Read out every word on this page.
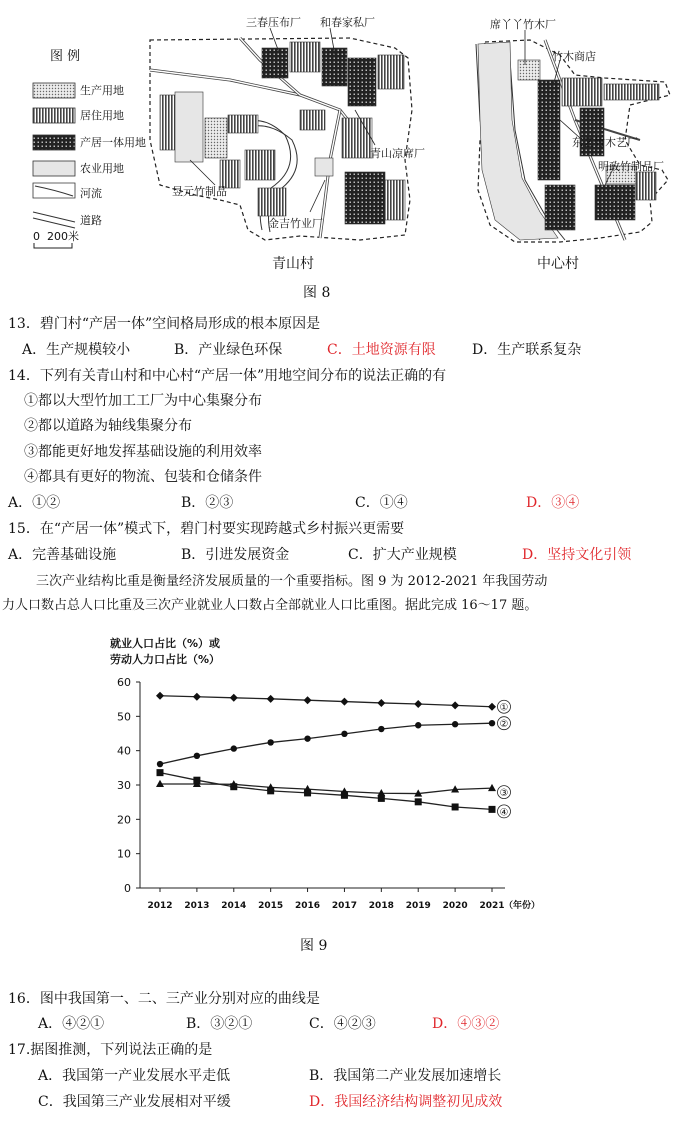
图 例
生产用地
居住用地
产居一体用地
农业用地
河流
道路
0  200米
三春压布厂 和春家私厂
青山凉席厂
昱元竹制品
金吉竹业厂
席丫丫竹木厂
竹木商店
东艺竹木艺厂
明政竹制品厂
青山村	中心村
图 8
13．碧门村“产居一体”空间格局形成的根本原因是
A．生产规模较小	B．产业绿色环保	C．土地资源有限	D．生产联系复杂
14．下列有关青山村和中心村“产居一体”用地空间分布的说法正确的有
①都以大型竹加工工厂为中心集聚分布
②都以道路为轴线集聚分布
③都能更好地发挥基础设施的利用效率
④都具有更好的物流、包装和仓储条件
A．①②	B．②③	C．①④	D．③④
15．在“产居一体”模式下，碧门村要实现跨越式乡村振兴更需要
A．完善基础设施	B．引进发展资金	C．扩大产业规模	D．坚持文化引领
三次产业结构比重是衡量经济发展质量的一个重要指标。图 9 为 2012-2021 年我国劳动
力人口数占总人口比重及三次产业就业人口数占全部就业人口比重图。据此完成 16～17 题。
就业人口占比（%）或
劳动人力口占比（%）
0
10
20
30
40
50
60
2012 2013 2014 2015 2016 2017 2018 2019 2020 2021 （年份）
①
②
③
④
图 9
16．图中我国第一、二、三产业分别对应的曲线是
A．④②①	B．③②①	C．④②③	D．④③②
17.据图推测，下列说法正确的是
A．我国第一产业发展水平走低	B．我国第二产业发展加速增长
C．我国第三产业发展相对平缓	D．我国经济结构调整初见成效
